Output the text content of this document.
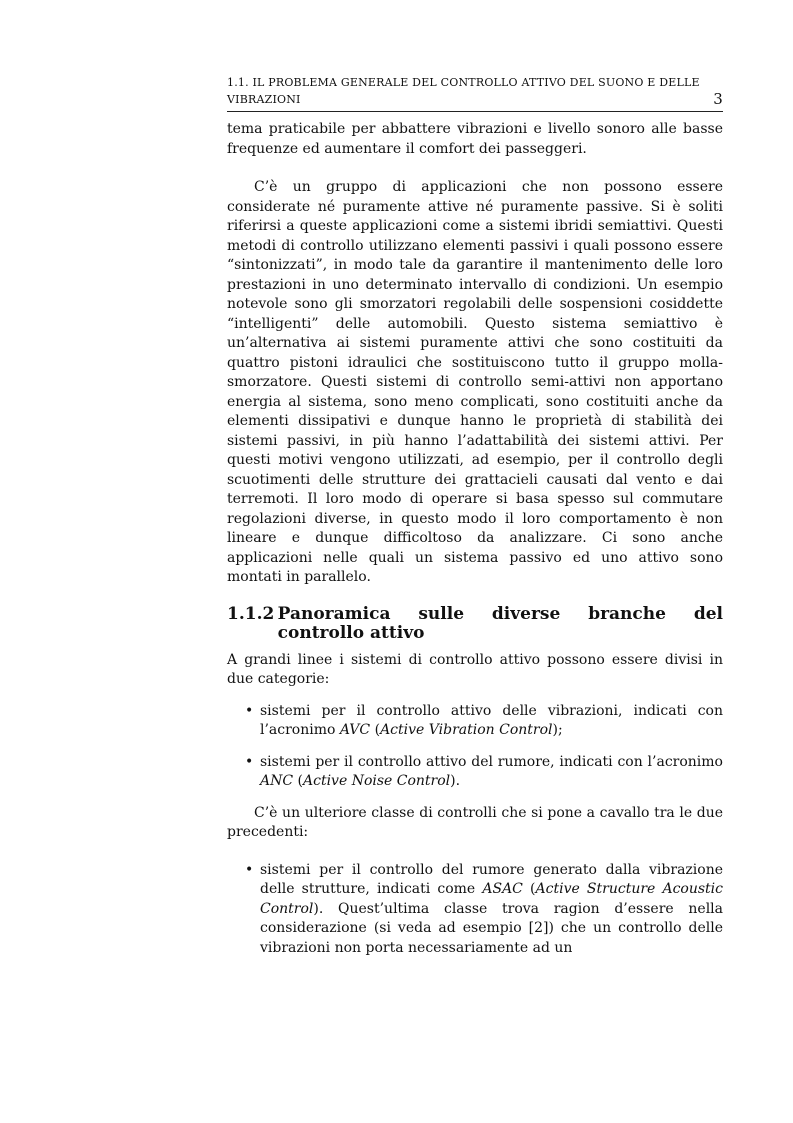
1.1. IL PROBLEMA GENERALE DEL CONTROLLO ATTIVO DEL SUONO E DELLE
VIBRAZIONI	3

tema praticabile per abbattere vibrazioni e livello sonoro alle basse frequenze ed aumentare il comfort dei passeggeri.

C’è un gruppo di applicazioni che non possono essere considerate né puramente attive né puramente passive. Si è soliti riferirsi a queste applicazioni come a sistemi ibridi semiattivi. Questi metodi di controllo utilizzano elementi passivi i quali possono essere “sintonizzati”, in modo tale da garantire il mantenimento delle loro prestazioni in uno determinato intervallo di condizioni. Un esempio notevole sono gli smorzatori regolabili delle sospensioni cosiddette “intelligenti” delle automobili. Questo sistema semiattivo è un’alternativa ai sistemi puramente attivi che sono costituiti da quattro pistoni idraulici che sostituiscono tutto il gruppo molla-smorzatore. Questi sistemi di controllo semi-attivi non apportano energia al sistema, sono meno complicati, sono costituiti anche da elementi dissipativi e dunque hanno le proprietà di stabilità dei sistemi passivi, in più hanno l’adattabilità dei sistemi attivi. Per questi motivi vengono utilizzati, ad esempio, per il controllo degli scuotimenti delle strutture dei grattacieli causati dal vento e dai terremoti. Il loro modo di operare si basa spesso sul commutare regolazioni diverse, in questo modo il loro comportamento è non lineare e dunque difficoltoso da analizzare. Ci sono anche applicazioni nelle quali un sistema passivo ed uno attivo sono montati in parallelo.

1.1.2 Panoramica sulle diverse branche del controllo attivo

A grandi linee i sistemi di controllo attivo possono essere divisi in due categorie:

• sistemi per il controllo attivo delle vibrazioni, indicati con l’acronimo AVC (Active Vibration Control);
• sistemi per il controllo attivo del rumore, indicati con l’acronimo ANC (Active Noise Control).

C’è un ulteriore classe di controlli che si pone a cavallo tra le due precedenti:

• sistemi per il controllo del rumore generato dalla vibrazione delle strutture, indicati come ASAC (Active Structure Acoustic Control). Quest’ultima classe trova ragion d’essere nella considerazione (si veda ad esempio [2]) che un controllo delle vibrazioni non porta necessariamente ad un
